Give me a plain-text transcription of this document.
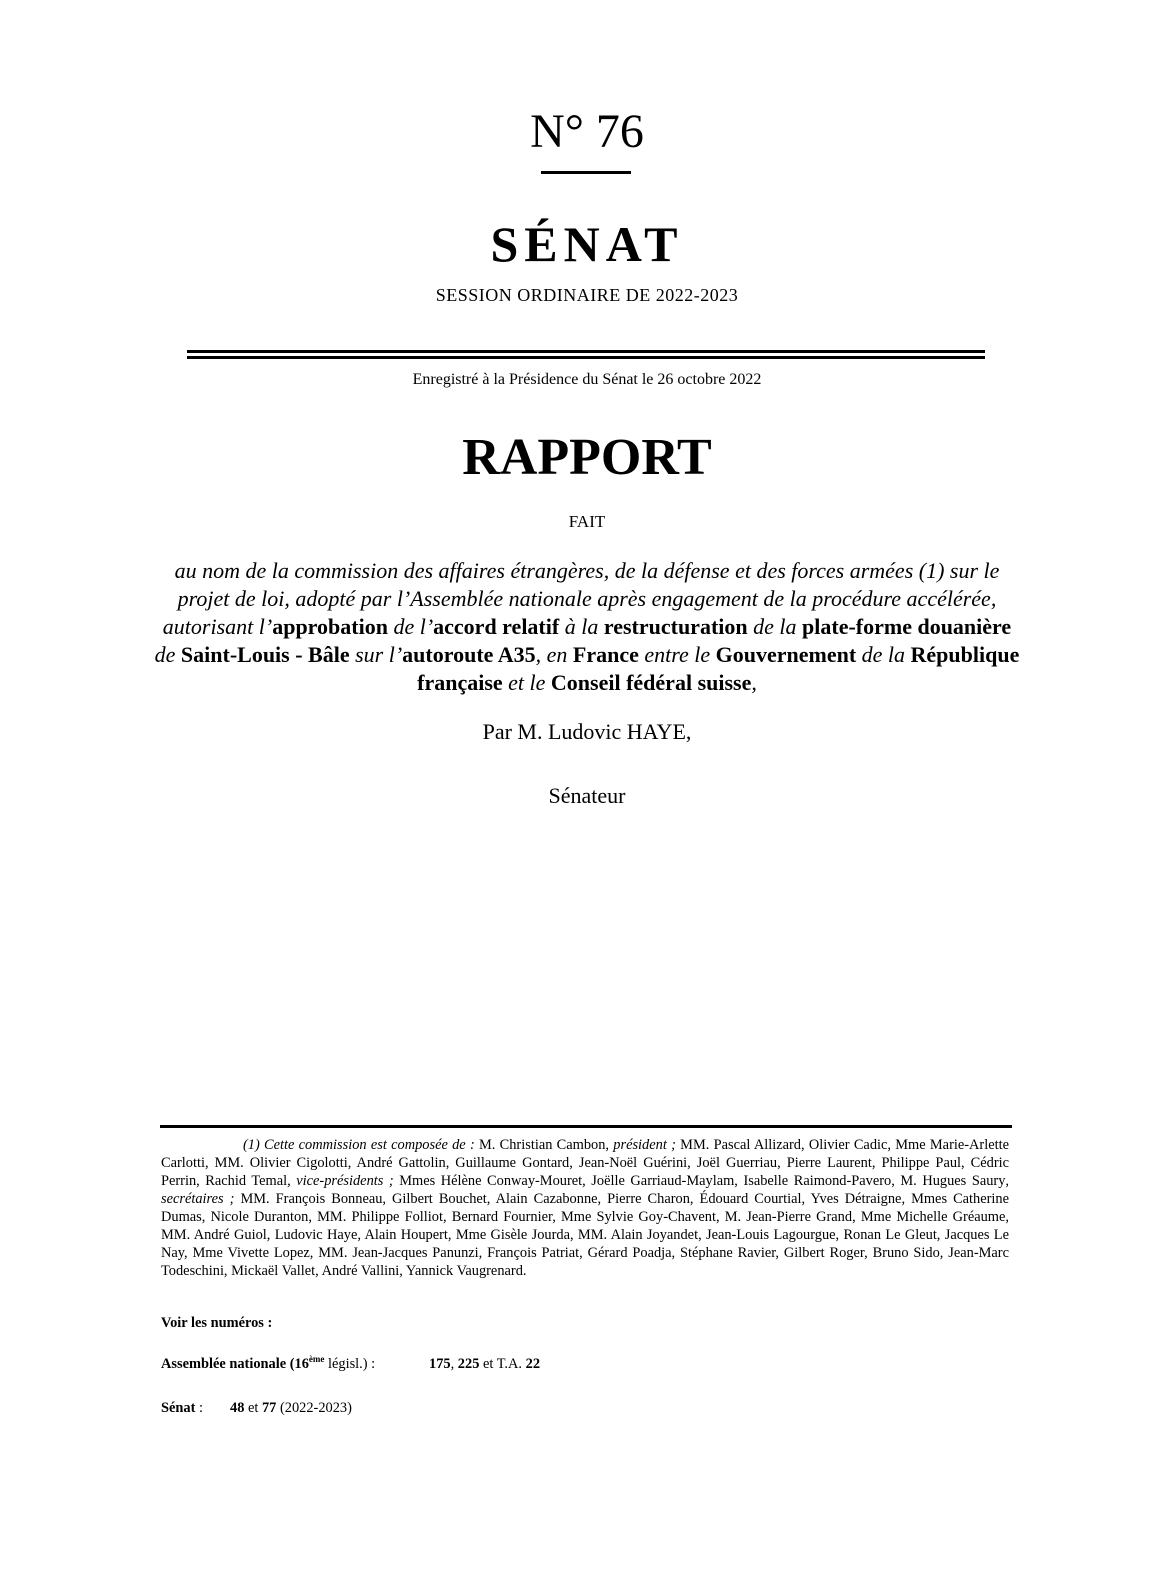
N° 76
SÉNAT
SESSION ORDINAIRE DE 2022-2023
Enregistré à la Présidence du Sénat le 26 octobre 2022
RAPPORT
FAIT
au nom de la commission des affaires étrangères, de la défense et des forces armées (1) sur le projet de loi, adopté par l’Assemblée nationale après engagement de la procédure accélérée, autorisant l’approbation de l’accord relatif à la restructuration de la plate-forme douanière de Saint-Louis - Bâle sur l’autoroute A35, en France entre le Gouvernement de la République française et le Conseil fédéral suisse,
Par M. Ludovic HAYE,
Sénateur
(1) Cette commission est composée de : M. Christian Cambon, président ; MM. Pascal Allizard, Olivier Cadic, Mme Marie-Arlette Carlotti, MM. Olivier Cigolotti, André Gattolin, Guillaume Gontard, Jean-Noël Guérini, Joël Guerriau, Pierre Laurent, Philippe Paul, Cédric Perrin, Rachid Temal, vice-présidents ; Mmes Hélène Conway-Mouret, Joëlle Garriaud-Maylam, Isabelle Raimond-Pavero, M. Hugues Saury, secrétaires ; MM. François Bonneau, Gilbert Bouchet, Alain Cazabonne, Pierre Charon, Édouard Courtial, Yves Détraigne, Mmes Catherine Dumas, Nicole Duranton, MM. Philippe Folliot, Bernard Fournier, Mme Sylvie Goy-Chavent, M. Jean-Pierre Grand, Mme Michelle Gréaume, MM. André Guiol, Ludovic Haye, Alain Houpert, Mme Gisèle Jourda, MM. Alain Joyandet, Jean-Louis Lagourgue, Ronan Le Gleut, Jacques Le Nay, Mme Vivette Lopez, MM. Jean-Jacques Panunzi, François Patriat, Gérard Poadja, Stéphane Ravier, Gilbert Roger, Bruno Sido, Jean-Marc Todeschini, Mickaël Vallet, André Vallini, Yannick Vaugrenard.
Voir les numéros :
Assemblée nationale (16ème législ.) :	175, 225 et T.A. 22
Sénat : 48 et 77 (2022-2023)
